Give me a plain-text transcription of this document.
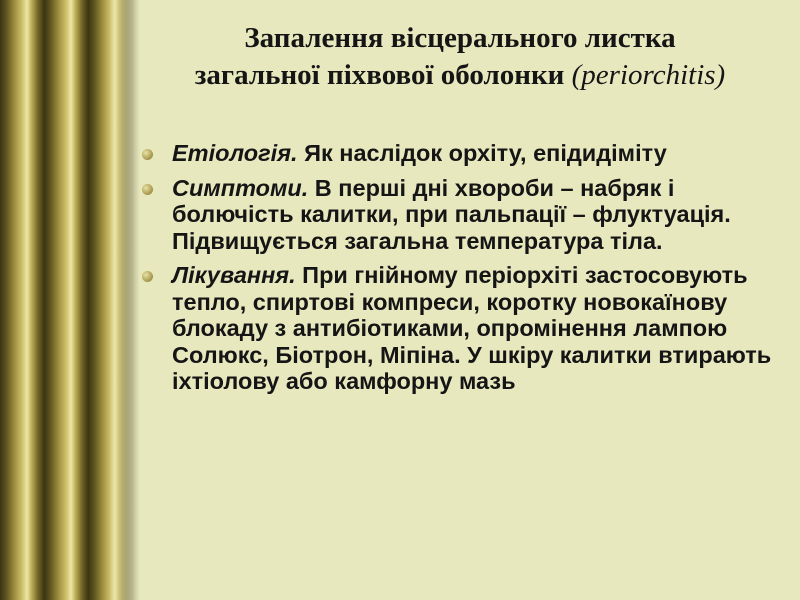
Запалення вісцерального листка
загальної піхвової оболонки (periorchitis)
Етіологія. Як наслідок орхіту, епідидіміту
Симптоми. В перші дні хвороби – набряк і болючість калитки, при пальпації – флуктуація. Підвищується загальна температура тіла.
Лікування. При гнійному періорхіті застосовують тепло, спиртові компреси, коротку новокаїнову блокаду з антибіотиками, опромінення лампою Солюкс, Біотрон, Міпіна. У шкіру калитки втирають іхтіолову або камфорну мазь
